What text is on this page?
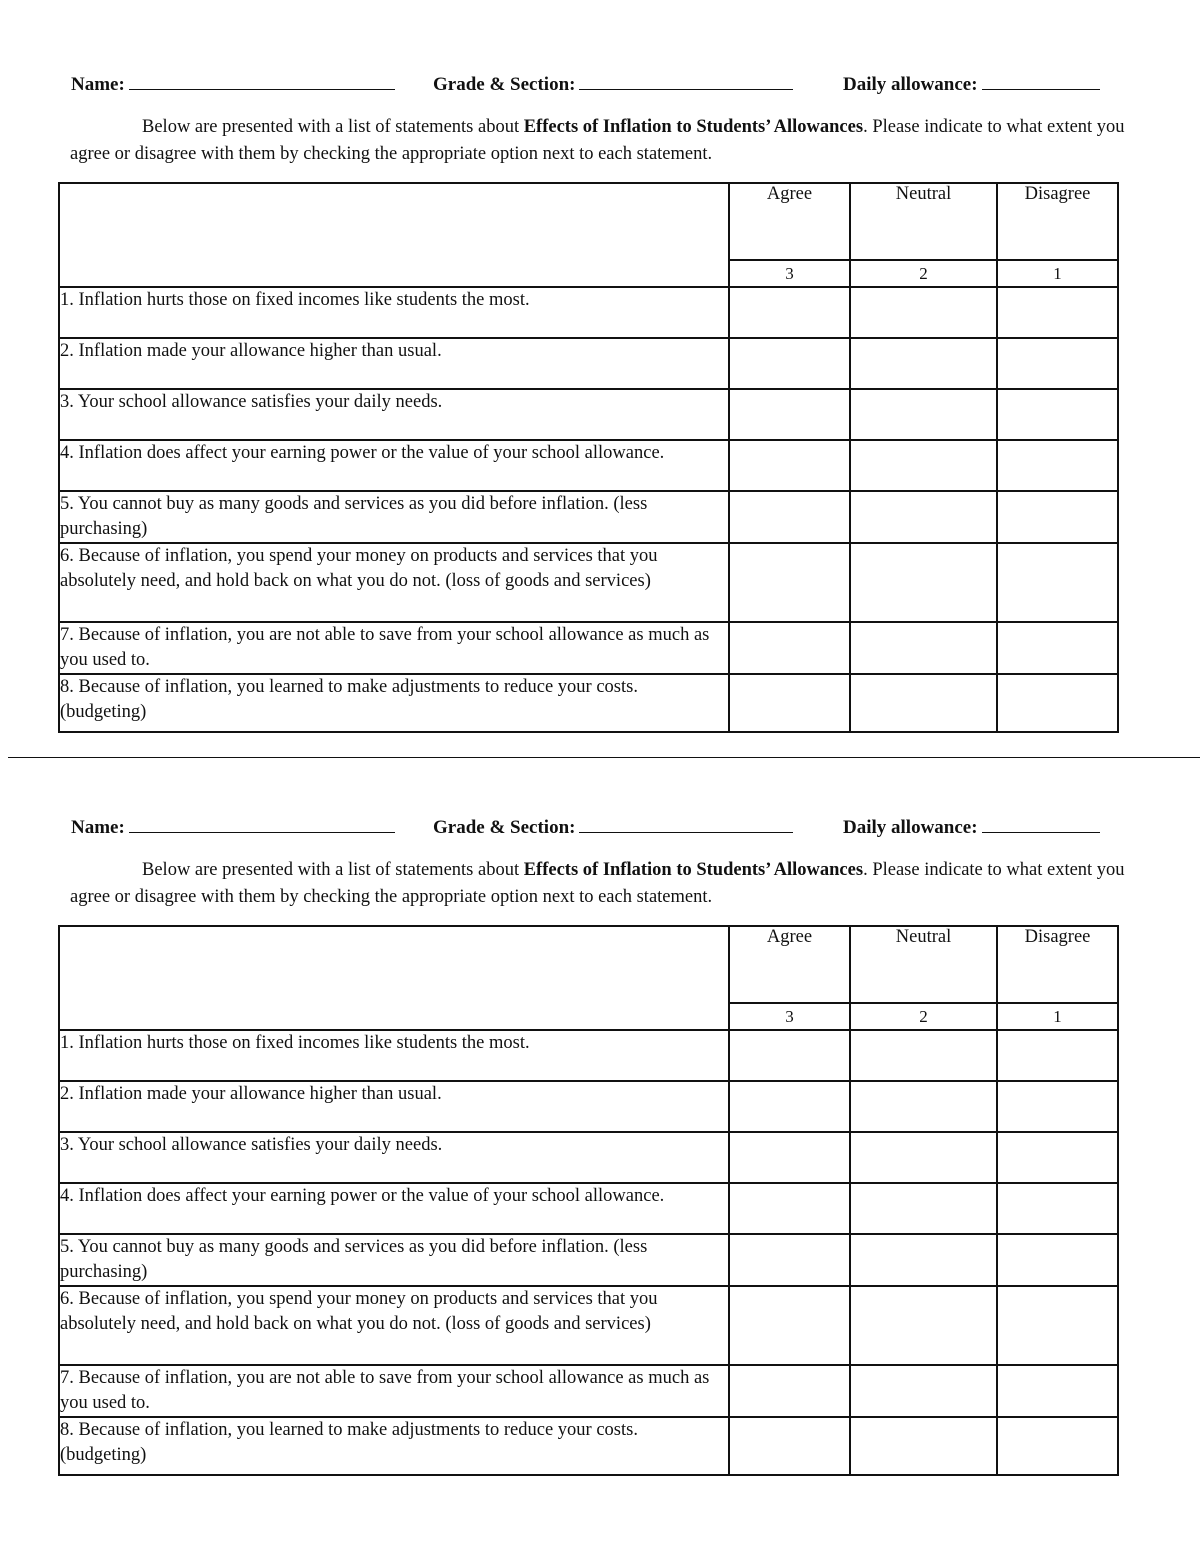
Name:	Grade & Section:	Daily allowance:
Below are presented with a list of statements about Effects of Inflation to Students’ Allowances. Please indicate to what extent you agree or disagree with them by checking the appropriate option next to each statement.
	Agree	Neutral	Disagree
	3	2	1
1. Inflation hurts those on fixed incomes like students the most.			
2. Inflation made your allowance higher than usual.			
3. Your school allowance satisfies your daily needs.			
4. Inflation does affect your earning power or the value of your school allowance.			
5. You cannot buy as many goods and services as you did before inflation. (less purchasing)			
6. Because of inflation, you spend your money on products and services that you absolutely need, and hold back on what you do not. (loss of goods and services)			
7. Because of inflation, you are not able to save from your school allowance as much as you used to.			
8. Because of inflation, you learned to make adjustments to reduce your costs. (budgeting)			
Name:	Grade & Section:	Daily allowance:
Below are presented with a list of statements about Effects of Inflation to Students’ Allowances. Please indicate to what extent you agree or disagree with them by checking the appropriate option next to each statement.
	Agree	Neutral	Disagree
	3	2	1
1. Inflation hurts those on fixed incomes like students the most.			
2. Inflation made your allowance higher than usual.			
3. Your school allowance satisfies your daily needs.			
4. Inflation does affect your earning power or the value of your school allowance.			
5. You cannot buy as many goods and services as you did before inflation. (less purchasing)			
6. Because of inflation, you spend your money on products and services that you absolutely need, and hold back on what you do not. (loss of goods and services)			
7. Because of inflation, you are not able to save from your school allowance as much as you used to.			
8. Because of inflation, you learned to make adjustments to reduce your costs. (budgeting)			
